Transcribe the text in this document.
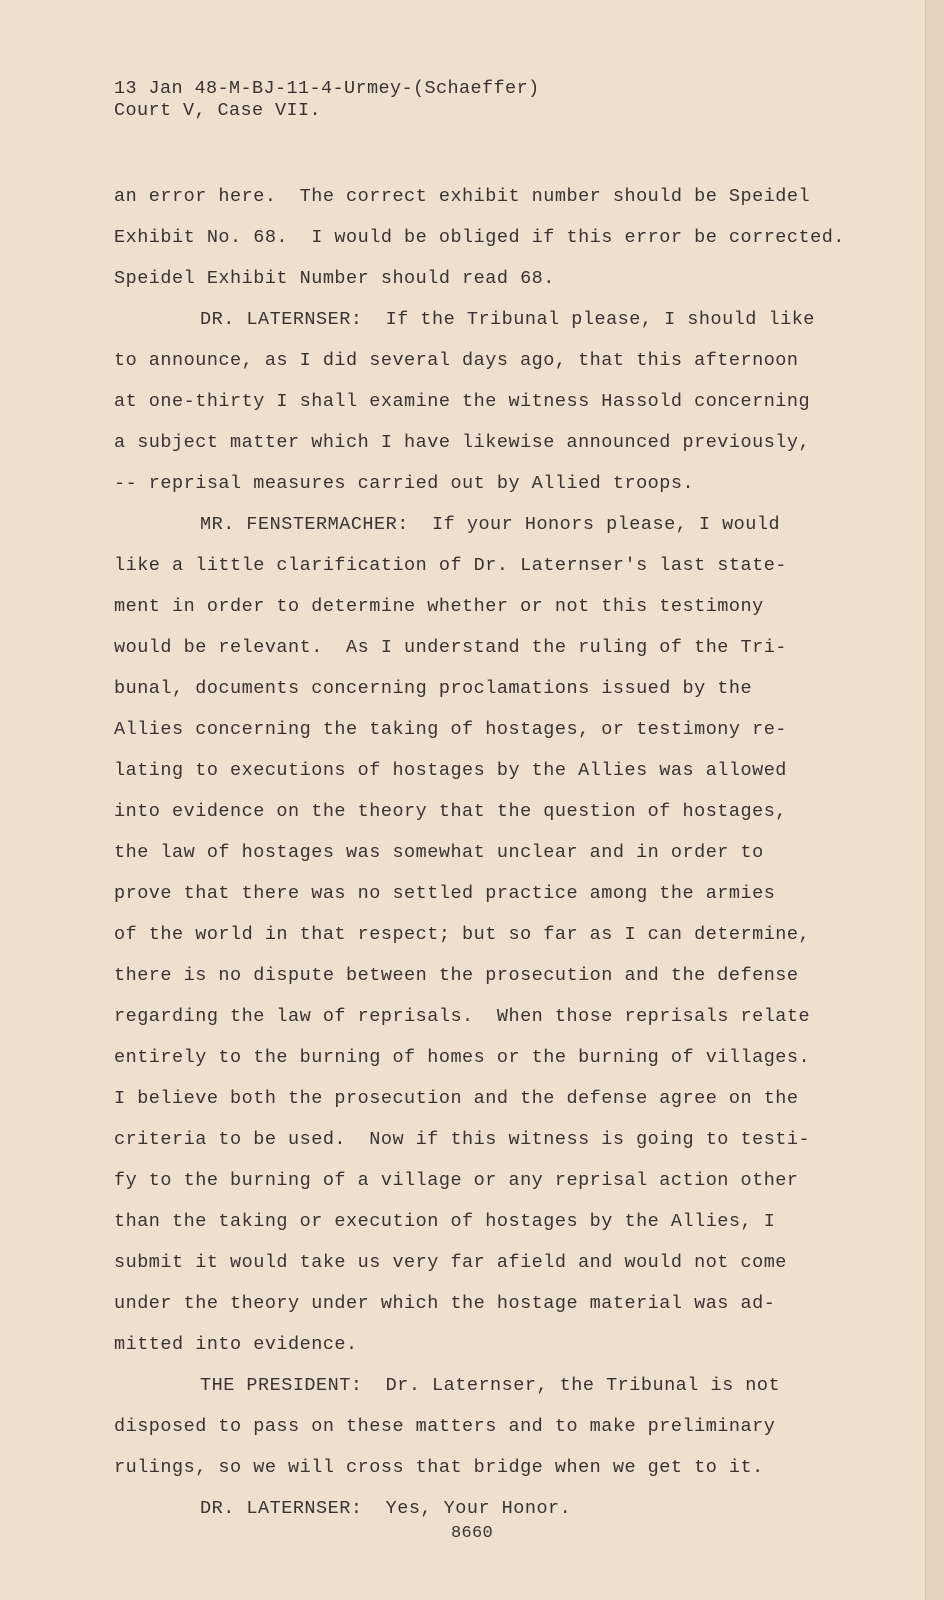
13 Jan 48-M-BJ-11-4-Urmey-(Schaeffer)
Court V, Case VII.
an error here.  The correct exhibit number should be Speidel
Exhibit No. 68.  I would be obliged if this error be corrected.
Speidel Exhibit Number should read 68.
DR. LATERNSER:  If the Tribunal please, I should like
to announce, as I did several days ago, that this afternoon
at one-thirty I shall examine the witness Hassold concerning
a subject matter which I have likewise announced previously,
-- reprisal measures carried out by Allied troops.
MR. FENSTERMACHER:  If your Honors please, I would
like a little clarification of Dr. Laternser's last state-
ment in order to determine whether or not this testimony
would be relevant.  As I understand the ruling of the Tri-
bunal, documents concerning proclamations issued by the
Allies concerning the taking of hostages, or testimony re-
lating to executions of hostages by the Allies was allowed
into evidence on the theory that the question of hostages,
the law of hostages was somewhat unclear and in order to
prove that there was no settled practice among the armies
of the world in that respect; but so far as I can determine,
there is no dispute between the prosecution and the defense
regarding the law of reprisals.  When those reprisals relate
entirely to the burning of homes or the burning of villages.
I believe both the prosecution and the defense agree on the
criteria to be used.  Now if this witness is going to testi-
fy to the burning of a village or any reprisal action other
than the taking or execution of hostages by the Allies, I
submit it would take us very far afield and would not come
under the theory under which the hostage material was ad-
mitted into evidence.
THE PRESIDENT:  Dr. Laternser, the Tribunal is not
disposed to pass on these matters and to make preliminary
rulings, so we will cross that bridge when we get to it.
DR. LATERNSER:  Yes, Your Honor.
8660
